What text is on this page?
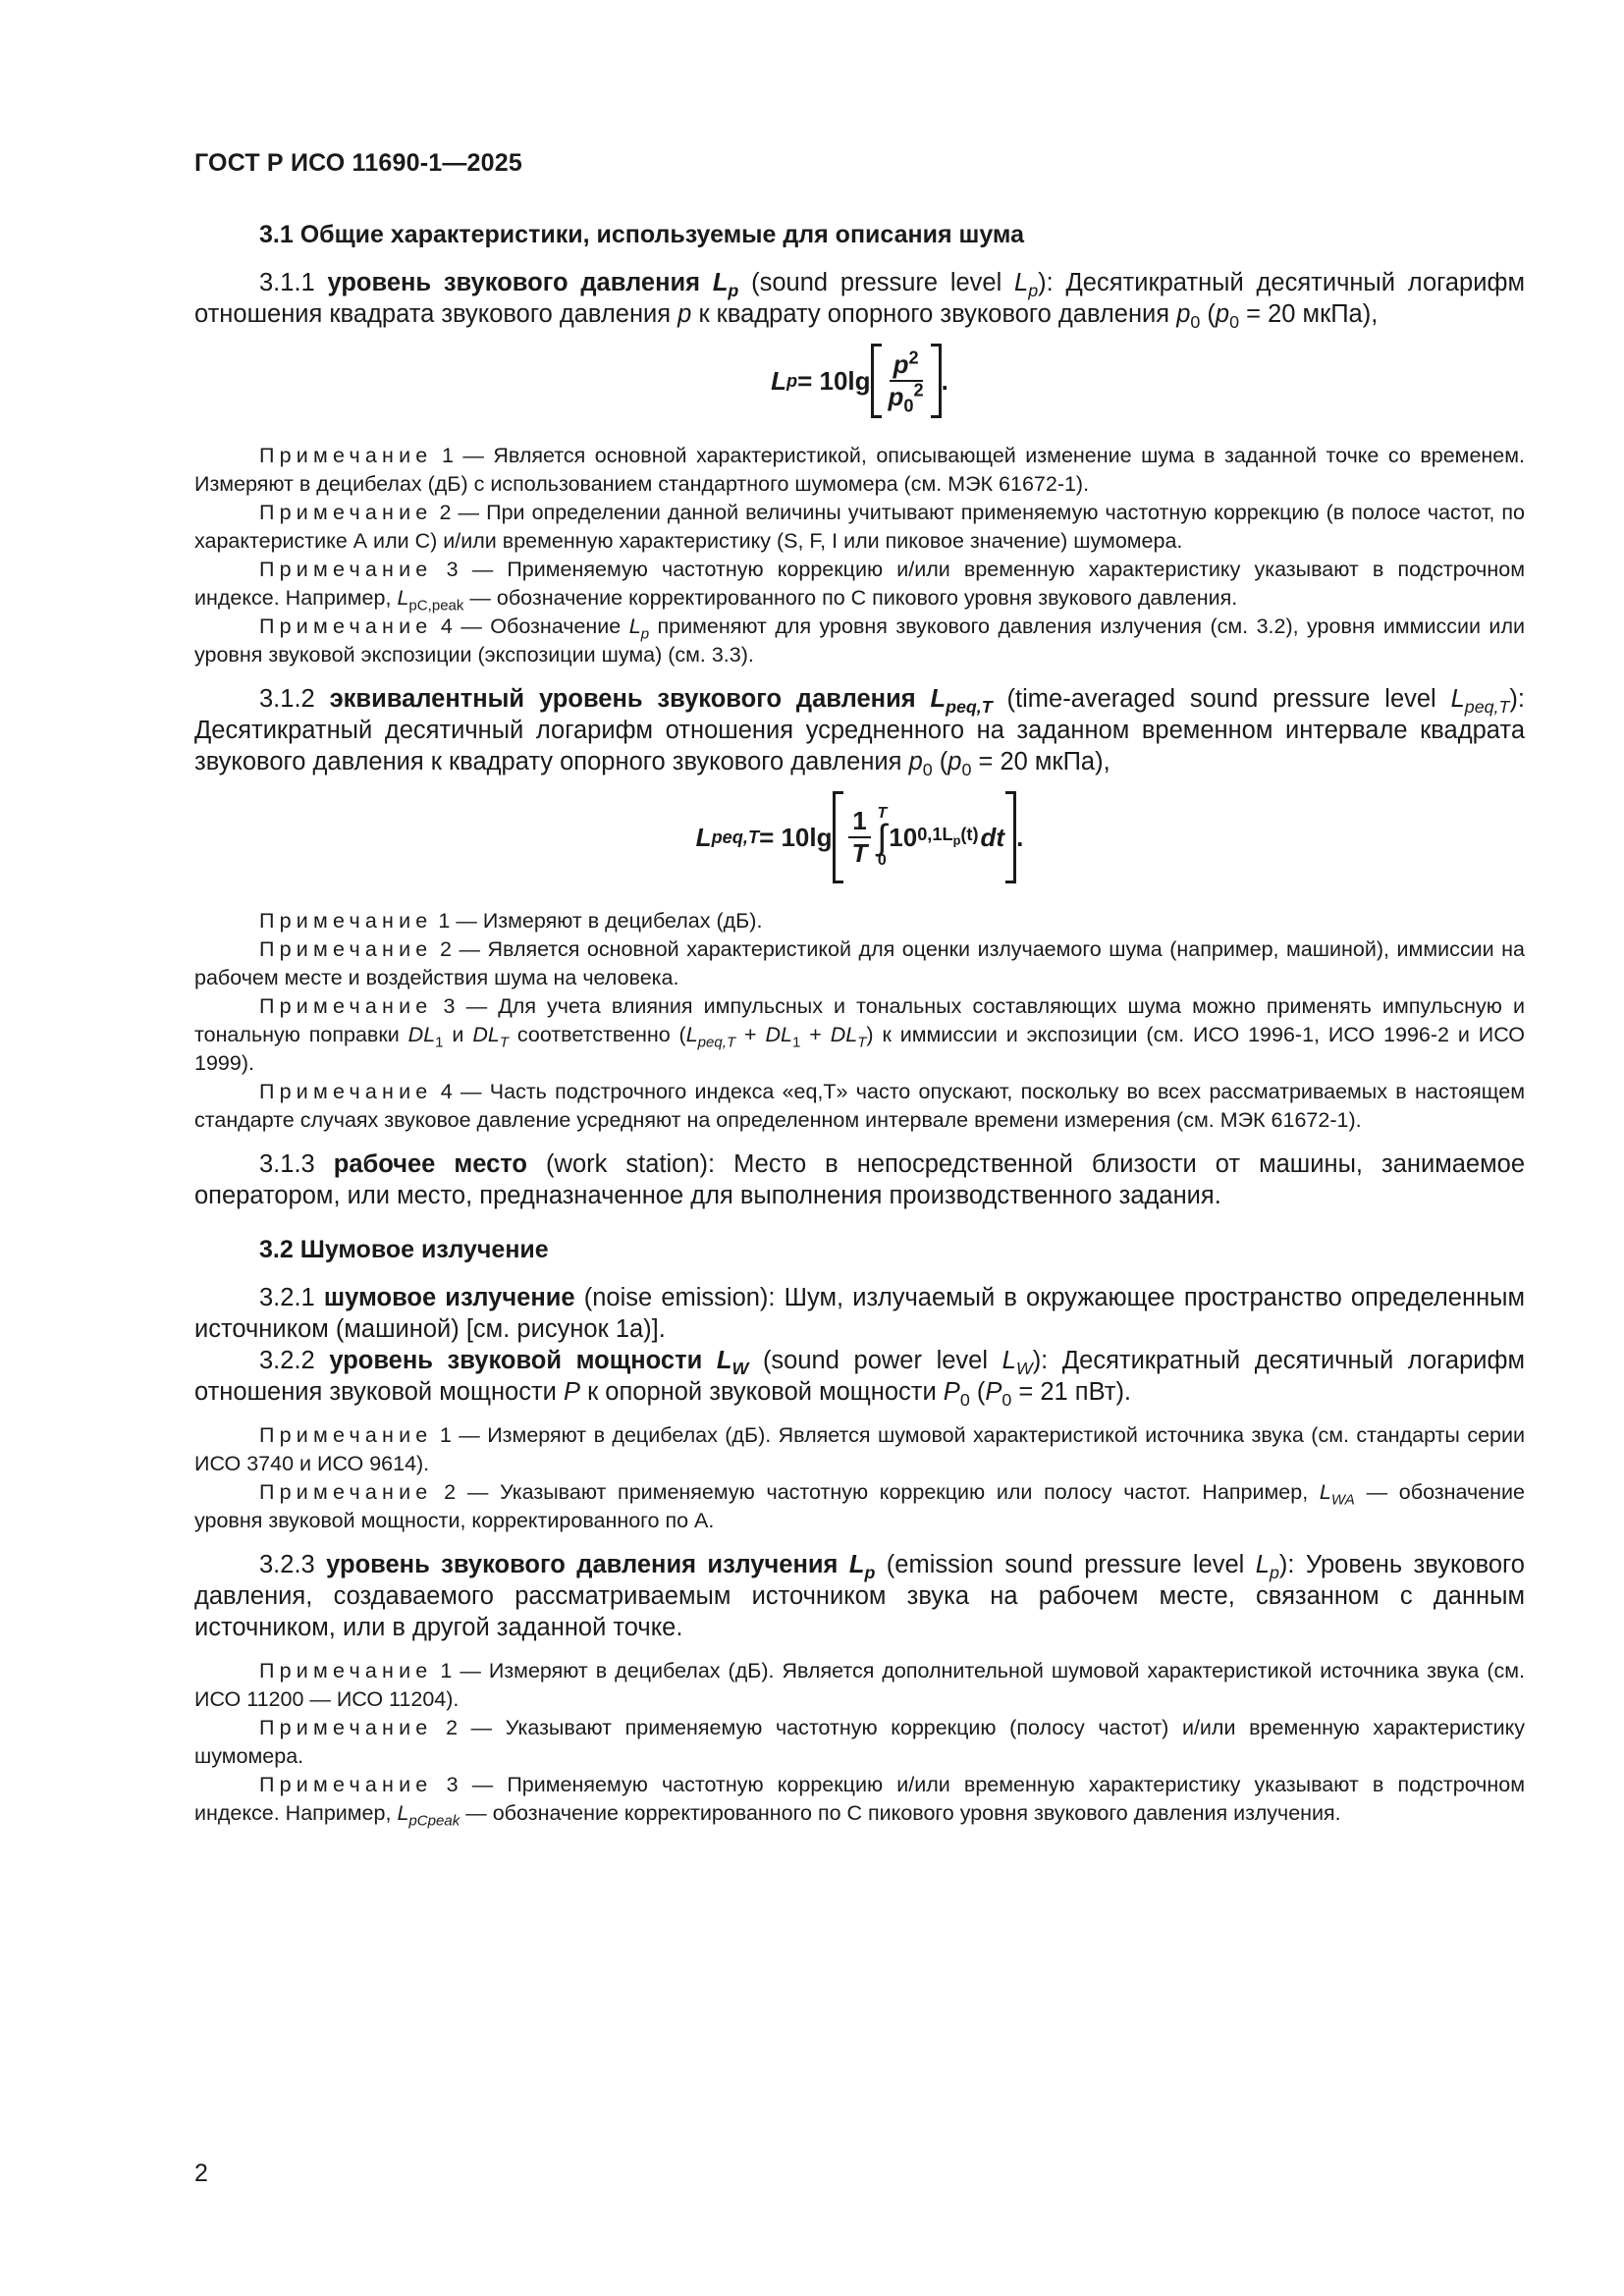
ГОСТ Р ИСО 11690-1—2025

3.1 Общие характеристики, используемые для описания шума

3.1.1 уровень звукового давления $L_p$ (sound pressure level $L_p$): Десятикратный десятичный логарифм отношения квадрата звукового давления p к квадрату опорного звукового давления $p_0$ ($p_0 = 20$ мкПа),

L $p = 10\lg \frac{p^2}{p_0^2}$ .

Примечание 1 — Является основной характеристикой, описывающей изменение шума в заданной точке со временем. Измеряют в децибелах (дБ) с использованием стандартного шумомера (см. МЭК 61672-1).

Примечание 2 — При определении данной величины учитывают применяемую частотную коррекцию (в полосе частот, по характеристике А или С) и/или временную характеристику (S, F, I или пиковое значение) шумомера.

Примечание 3 — Применяемую частотную коррекцию и/или временную характеристику указывают в подстрочном индексе. Например, $L_{pC,peak}$ — обозначение корректированного по С пикового уровня звукового давления.

Примечание 4 — Обозначение $L_p$ применяют для уровня звукового давления излучения (см. 3.2), уровня иммиссии или уровня звуковой экспозиции (экспозиции шума) (см. 3.3).

3.1.2 эквивалентный уровень звукового давления $L_{peq,T}$ (time-averaged sound pressure level $L_{peq,T}$): Десятикратный десятичный логарифм отношения усредненного на заданном временном интервале квадрата звукового давления к квадрату опорного звукового давления $p_0$ ($p_0 = 20$ мкПа),

L $peq,T = 10\lg \frac{1}{T}$ T
∫
0
10 $0,1L_p(t)$ dt .

Примечание 1 — Измеряют в децибелах (дБ).

Примечание 2 — Является основной характеристикой для оценки излучаемого шума (например, машиной), иммиссии на рабочем месте и воздействия шума на человека.

Примечание 3 — Для учета влияния импульсных и тональных составляющих шума можно применять импульсную и тональную поправки $DL_1$ и $DL_T$ соответственно $(L_{peq,T} + DL_1 + DL_T)$ к иммиссии и экспозиции (см. ИСО 1996-1, ИСО 1996-2 и ИСО 1999).

Примечание 4 — Часть подстрочного индекса «eq,T» часто опускают, поскольку во всех рассматриваемых в настоящем стандарте случаях звуковое давление усредняют на определенном интервале времени измерения (см. МЭК 61672-1).

3.1.3 рабочее место (work station): Место в непосредственной близости от машины, занимаемое оператором, или место, предназначенное для выполнения производственного задания.

3.2 Шумовое излучение

3.2.1 шумовое излучение (noise emission): Шум, излучаемый в окружающее пространство определенным источником (машиной) [см. рисунок 1а)].

3.2.2 уровень звуковой мощности $L_W$ (sound power level $L_W$): Десятикратный десятичный логарифм отношения звуковой мощности P к опорной звуковой мощности $P_0$ ($P_0 = 21$ пВт).

Примечание 1 — Измеряют в децибелах (дБ). Является шумовой характеристикой источника звука (см. стандарты серии ИСО 3740 и ИСО 9614).

Примечание 2 — Указывают применяемую частотную коррекцию или полосу частот. Например, $L_{WA}$ — обозначение уровня звуковой мощности, корректированного по А.

3.2.3 уровень звукового давления излучения $L_p$ (emission sound pressure level $L_p$): Уровень звукового давления, создаваемого рассматриваемым источником звука на рабочем месте, связанном с данным источником, или в другой заданной точке.

Примечание 1 — Измеряют в децибелах (дБ). Является дополнительной шумовой характеристикой источника звука (см. ИСО 11200 — ИСО 11204).

Примечание 2 — Указывают применяемую частотную коррекцию (полосу частот) и/или временную характеристику шумомера.

Примечание 3 — Применяемую частотную коррекцию и/или временную характеристику указывают в подстрочном индексе. Например, $L_{pCpeak}$ — обозначение корректированного по С пикового уровня звукового давления излучения.

2
